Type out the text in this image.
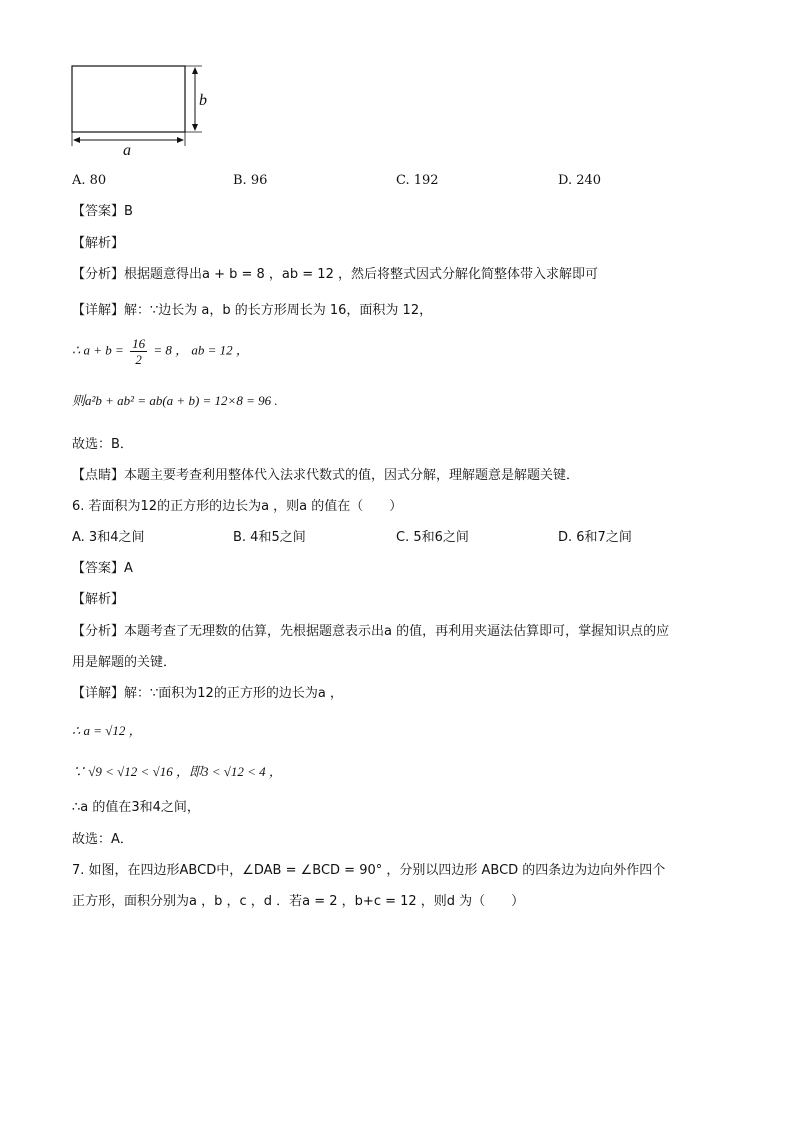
b
a
A. 80	B. 96	C. 192	D. 240
【答案】B
【解析】
【分析】根据题意得出a + b = 8 ，ab = 12 ，然后将整式因式分解化简整体带入求解即可
【详解】解：∵边长为 a，b 的长方形周长为 16，面积为 12，
∴ $a + b = \frac{16}{2} = 8$ ， ab = 12 ，
则a²b + ab² = ab(a + b) = 12×8 = 96 .
故选：B．
【点睛】本题主要考查利用整体代入法求代数式的值，因式分解，理解题意是解题关键．
6. 若面积为12的正方形的边长为a ，则a 的值在（　　）
A. 3和4之间	B. 4和5之间	C. 5和6之间	D. 6和7之间
【答案】A
【解析】
【分析】本题考查了无理数的估算，先根据题意表示出a 的值，再利用夹逼法估算即可，掌握知识点的应
用是解题的关键．
【详解】解：∵面积为12的正方形的边长为a ，
∴ a = √12 ，
∵ √9 < √12 < √16 ，即3 < √12 < 4 ，
∴a 的值在3和4之间，
故选：A．
7. 如图，在四边形ABCD中，∠DAB = ∠BCD = 90° ，分别以四边形 ABCD 的四条边为边向外作四个
正方形，面积分别为a ，b ，c ，d ．若a = 2 ，b+c = 12 ，则d 为（　　）
